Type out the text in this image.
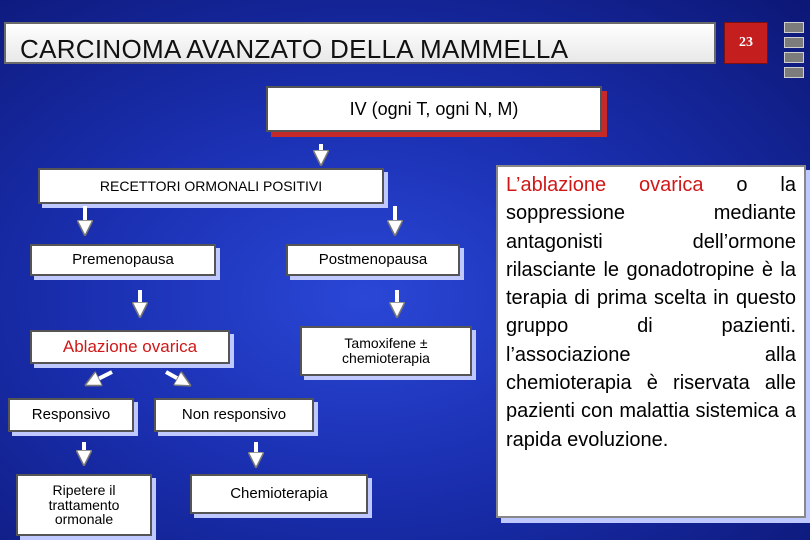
CARCINOMA AVANZATO DELLA MAMMELLA	23
IV (ogni T, ogni N, M)
RECETTORI ORMONALI POSITIVI
Premenopausa	Postmenopausa
Ablazione ovarica	Tamoxifene ±
chemioterapia
Responsivo	Non responsivo
Ripetere il
trattamento
ormonale
Chemioterapia
L’ablazione ovarica o la soppressione mediante antagonisti dell’ormone rilasciante le gonadotropine è la terapia di prima scelta in questo gruppo di pazienti. l’associazione alla chemioterapia è riservata alle pazienti con malattia sistemica a rapida evoluzione.
